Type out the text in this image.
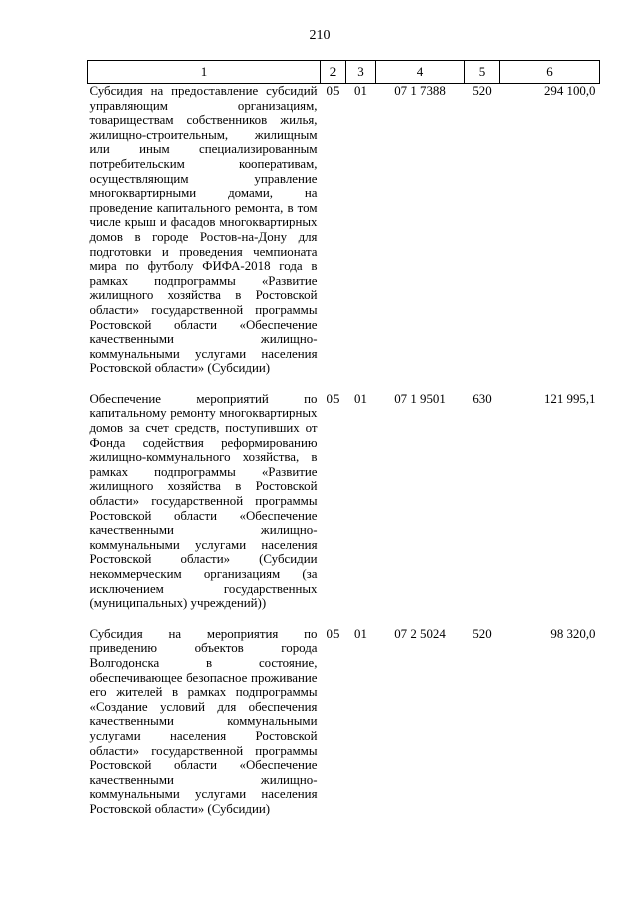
210
1	2	3	4	5	6
Субсидия на предоставление субсидий управляющим организациям, товариществам собственников жилья, жилищно-строительным, жилищным или иным специализированным потребительским кооперативам, осуществляющим управление многоквартирными домами, на проведение капитального ремонта, в том числе крыш и фасадов многоквартирных домов в городе Ростов-на-Дону для подготовки и проведения чемпионата мира по футболу ФИФА-2018 года в рамках подпрограммы «Развитие жилищного хозяйства в Ростовской области» государственной программы Ростовской области «Обеспечение качественными жилищно-коммунальными услугами населения Ростовской области» (Субсидии)	05	01	07 1 7388	520	294 100,0
Обеспечение мероприятий по капитальному ремонту многоквартирных домов за счет средств, поступивших от Фонда содействия реформированию жилищно-коммунального хозяйства, в рамках подпрограммы «Развитие жилищного хозяйства в Ростовской области» государственной программы Ростовской области «Обеспечение качественными жилищно-коммунальными услугами населения Ростовской области» (Субсидии некоммерческим организациям (за исключением государственных (муниципальных) учреждений))	05	01	07 1 9501	630	121 995,1
Субсидия на мероприятия по приведению объектов города Волгодонска в состояние, обеспечивающее безопасное проживание его жителей в рамках подпрограммы «Создание условий для обеспечения качественными коммунальными услугами населения Ростовской области» государственной программы Ростовской области «Обеспечение качественными жилищно-коммунальными услугами населения Ростовской области» (Субсидии)	05	01	07 2 5024	520	98 320,0
